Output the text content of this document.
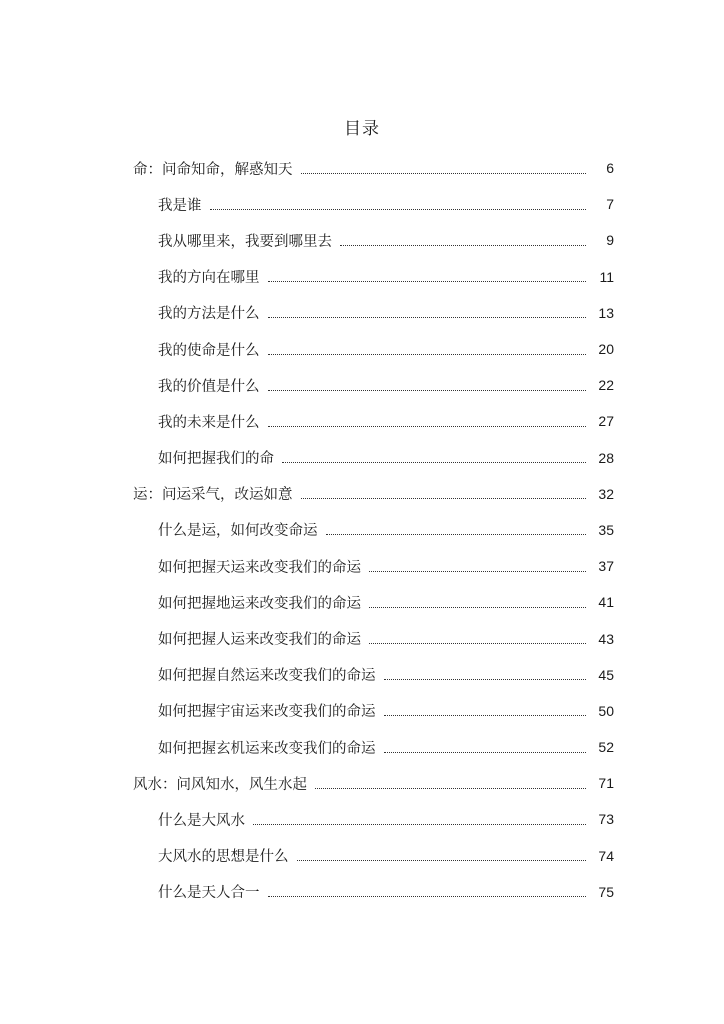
目录
命：问命知命，解惑知天	6
我是谁	7
我从哪里来，我要到哪里去	9
我的方向在哪里	11
我的方法是什么	13
我的使命是什么	20
我的价值是什么	22
我的未来是什么	27
如何把握我们的命	28
运：问运采气，改运如意	32
什么是运，如何改变命运	35
如何把握天运来改变我们的命运	37
如何把握地运来改变我们的命运	41
如何把握人运来改变我们的命运	43
如何把握自然运来改变我们的命运	45
如何把握宇宙运来改变我们的命运	50
如何把握玄机运来改变我们的命运	52
风水：问风知水，风生水起	71
什么是大风水	73
大风水的思想是什么	74
什么是天人合一	75
